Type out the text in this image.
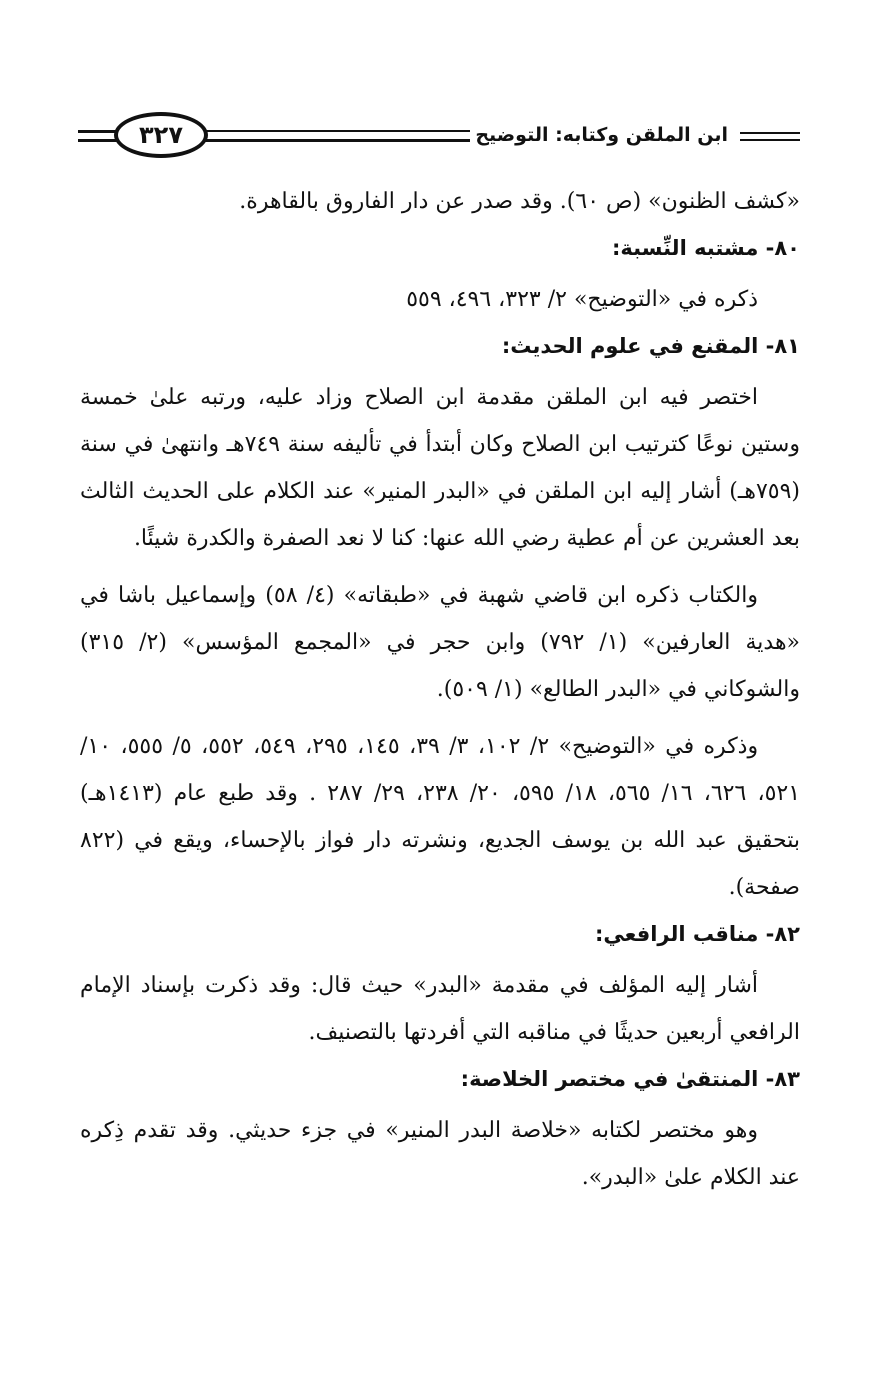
ابن الملقن وكتابه: التوضيح
٣٢٧

«كشف الظنون» (ص ٦٠). وقد صدر عن دار الفاروق بالقاهرة.

٨٠- مشتبه النِّسبة:

ذكره في «التوضيح» ٢/ ٣٢٣، ٤٩٦، ٥٥٩

٨١- المقنع في علوم الحديث:

اختصر فيه ابن الملقن مقدمة ابن الصلاح وزاد عليه، ورتبه علىٰ خمسة وستين نوعًا كترتيب ابن الصلاح وكان أبتدأ في تأليفه سنة ٧٤٩هـ وانتهىٰ في سنة (٧٥٩هـ) أشار إليه ابن الملقن في «البدر المنير» عند الكلام على الحديث الثالث بعد العشرين عن أم عطية رضي الله عنها: كنا لا نعد الصفرة والكدرة شيئًا.

والكتاب ذكره ابن قاضي شهبة في «طبقاته» (٤/ ٥٨) وإسماعيل باشا في «هدية العارفين» (١/ ٧٩٢) وابن حجر في «المجمع المؤسس» (٢/ ٣١٥) والشوكاني في «البدر الطالع» (١/ ٥٠٩).

وذكره في «التوضيح» ٢/ ١٠٢، ٣/ ٣٩، ١٤٥، ٢٩٥، ٥٤٩، ٥٥٢، ٥/ ٥٥٥، ١٠/ ٥٢١، ٦٢٦، ١٦/ ٥٦٥، ١٨/ ٥٩٥، ٢٠/ ٢٣٨، ٢٩/ ٢٨٧ . وقد طبع عام (١٤١٣هـ) بتحقيق عبد الله بن يوسف الجديع، ونشرته دار فواز بالإحساء، ويقع في (٨٢٢ صفحة).

٨٢- مناقب الرافعي:

أشار إليه المؤلف في مقدمة «البدر» حيث قال: وقد ذكرت بإسناد الإمام الرافعي أربعين حديثًا في مناقبه التي أفردتها بالتصنيف.

٨٣- المنتقىٰ في مختصر الخلاصة:

وهو مختصر لكتابه «خلاصة البدر المنير» في جزء حديثي. وقد تقدم ذِكره عند الكلام علىٰ «البدر».
